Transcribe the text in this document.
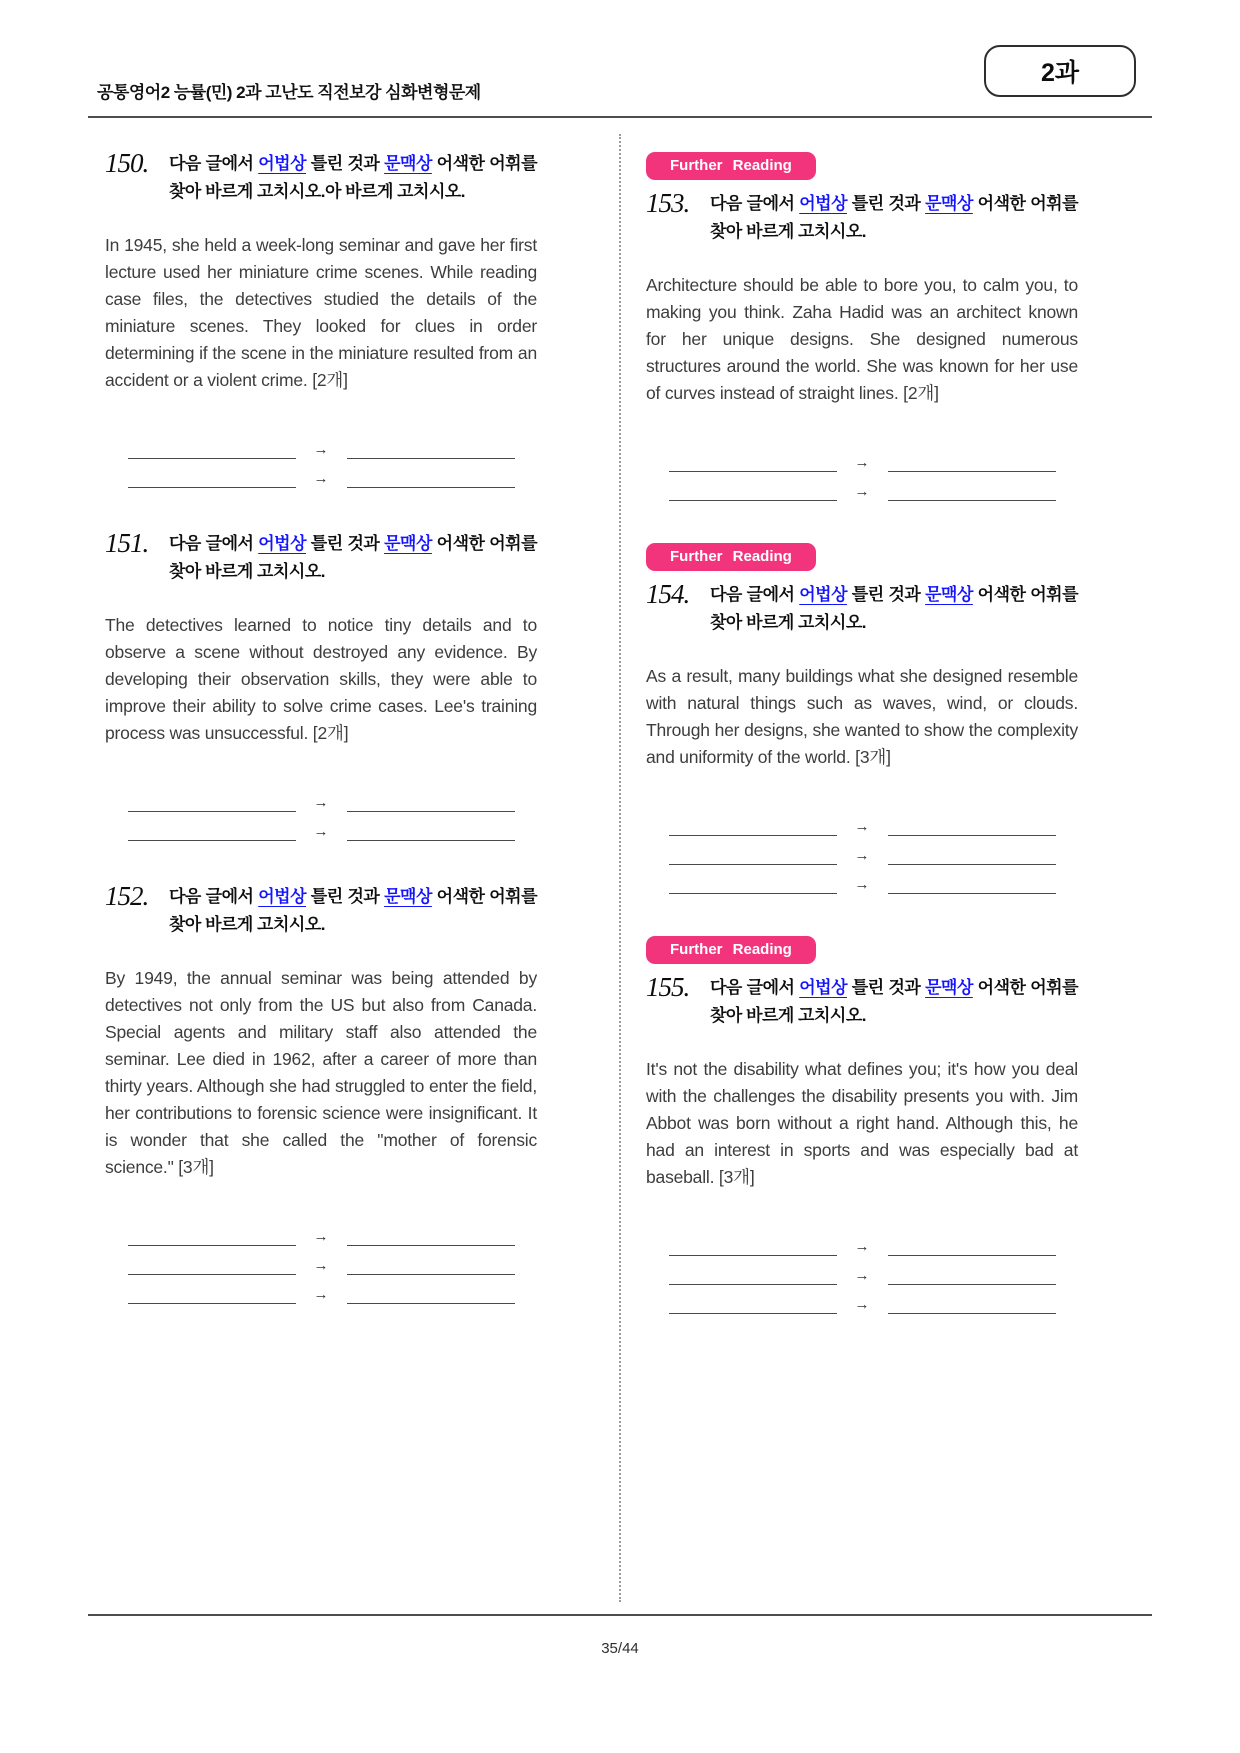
공통영어2 능률(민) 2과 고난도 직전보강 심화변형문제
2과
150.	다음 글에서 어법상 틀린 것과 문맥상 어색한 어휘를 찾아 바르게 고치시오.아 바르게 고치시오.

In 1945, she held a week-long seminar and gave her first lecture used her miniature crime scenes. While reading case files, the detectives studied the details of the miniature scenes. They looked for clues in order determining if the scene in the miniature resulted from an accident or a violent crime. [2개]

→
→
151.	다음 글에서 어법상 틀린 것과 문맥상 어색한 어휘를 찾아 바르게 고치시오.

The detectives learned to notice tiny details and to observe a scene without destroyed any evidence. By developing their observation skills, they were able to improve their ability to solve crime cases. Lee's training process was unsuccessful. [2개]

→
→
152.	다음 글에서 어법상 틀린 것과 문맥상 어색한 어휘를 찾아 바르게 고치시오.

By 1949, the annual seminar was being attended by detectives not only from the US but also from Canada. Special agents and military staff also attended the seminar. Lee died in 1962, after a career of more than thirty years. Although she had struggled to enter the field, her contributions to forensic science were insignificant. It is wonder that she called the "mother of forensic science." [3개]

→
→
→
Further Reading
153.	다음 글에서 어법상 틀린 것과 문맥상 어색한 어휘를 찾아 바르게 고치시오.

Architecture should be able to bore you, to calm you, to making you think. Zaha Hadid was an architect known for her unique designs. She designed numerous structures around the world. She was known for her use of curves instead of straight lines. [2개]

→
→
Further Reading
154.	다음 글에서 어법상 틀린 것과 문맥상 어색한 어휘를 찾아 바르게 고치시오.

As a result, many buildings what she designed resemble with natural things such as waves, wind, or clouds. Through her designs, she wanted to show the complexity and uniformity of the world. [3개]

→
→
→
Further Reading
155.	다음 글에서 어법상 틀린 것과 문맥상 어색한 어휘를 찾아 바르게 고치시오.

It's not the disability what defines you; it's how you deal with the challenges the disability presents you with. Jim Abbot was born without a right hand. Although this, he had an interest in sports and was especially bad at baseball. [3개]

→
→
→
35/44
